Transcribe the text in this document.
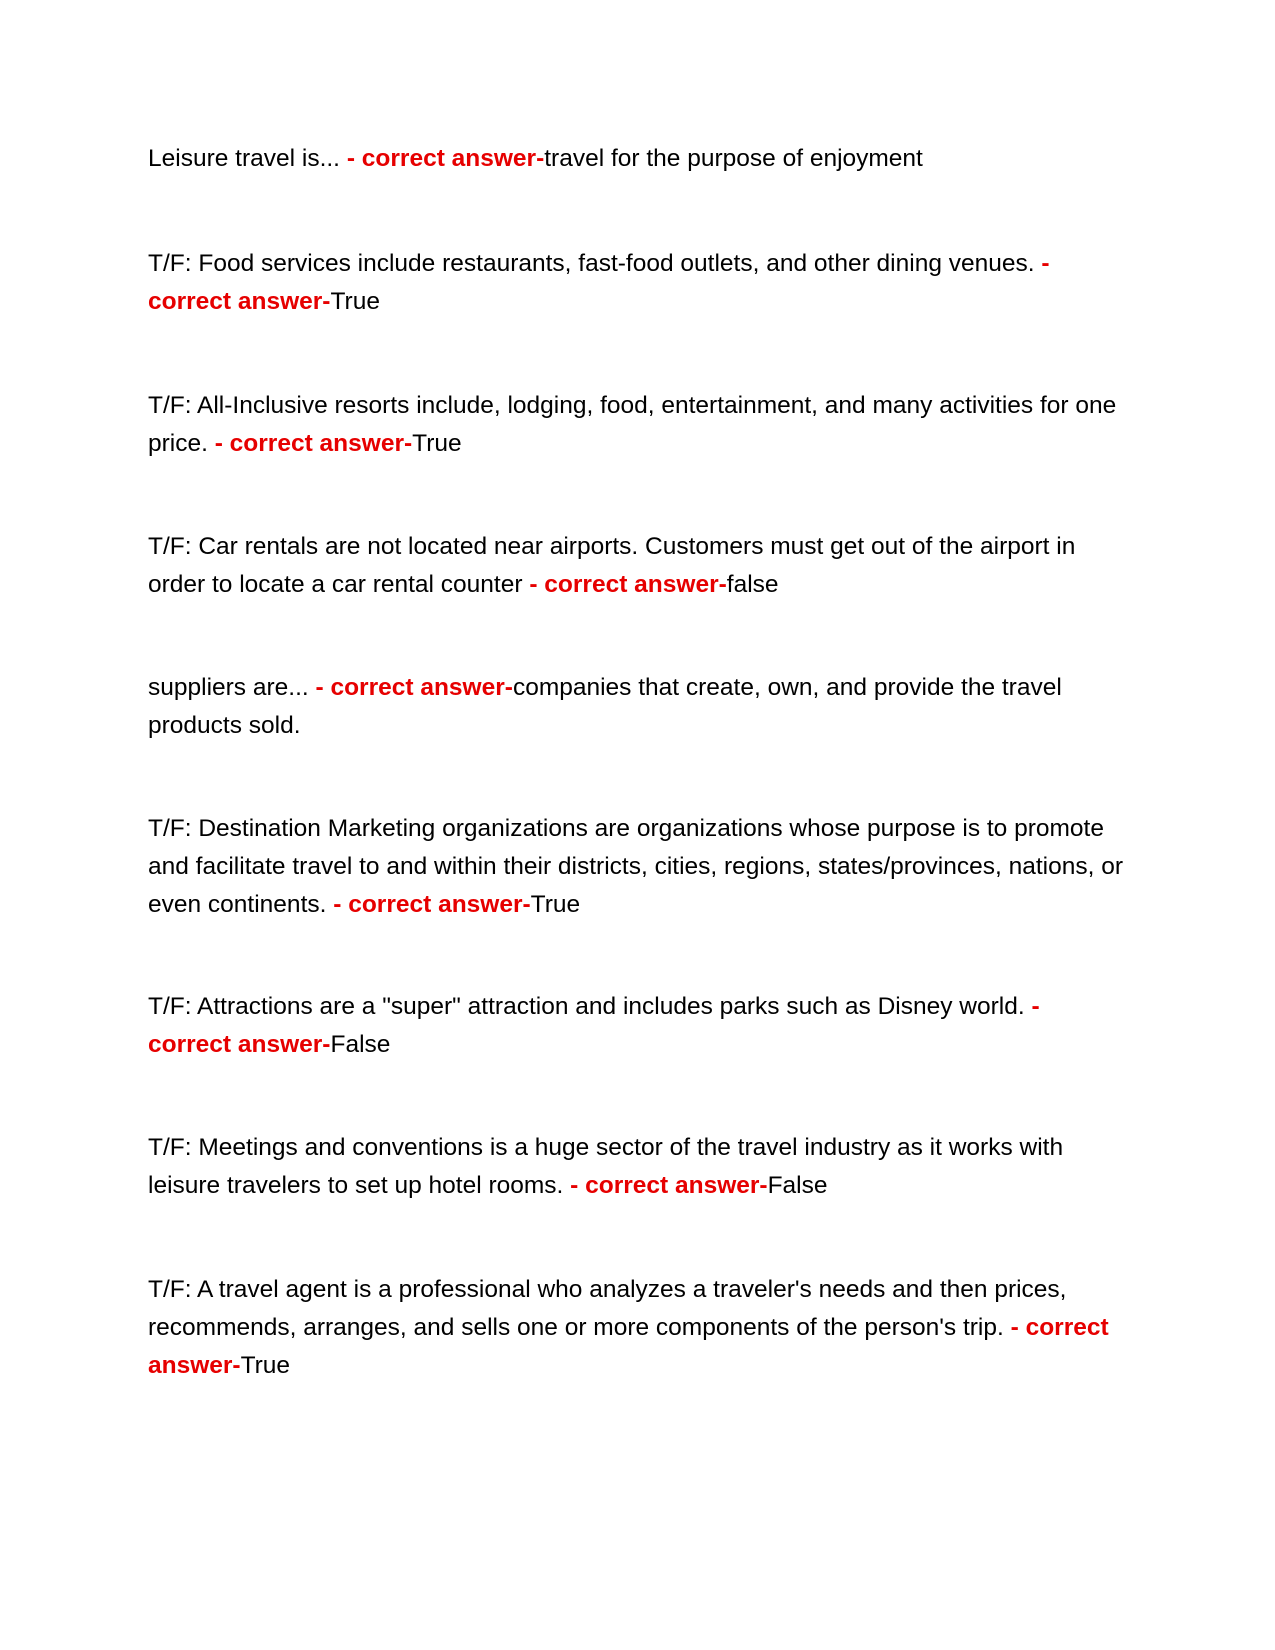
Leisure travel is... - correct answer-travel for the purpose of enjoyment

T/F: Food services include restaurants, fast-food outlets, and other dining venues. - correct answer-True

T/F: All-Inclusive resorts include, lodging, food, entertainment, and many activities for one price. - correct answer-True

T/F: Car rentals are not located near airports. Customers must get out of the airport in order to locate a car rental counter - correct answer-false

suppliers are... - correct answer-companies that create, own, and provide the travel products sold.

T/F: Destination Marketing organizations are organizations whose purpose is to promote and facilitate travel to and within their districts, cities, regions, states/provinces, nations, or even continents. - correct answer-True

T/F: Attractions are a "super" attraction and includes parks such as Disney world. - correct answer-False

T/F: Meetings and conventions is a huge sector of the travel industry as it works with leisure travelers to set up hotel rooms. - correct answer-False

T/F: A travel agent is a professional who analyzes a traveler's needs and then prices, recommends, arranges, and sells one or more components of the person's trip. - correct answer-True
